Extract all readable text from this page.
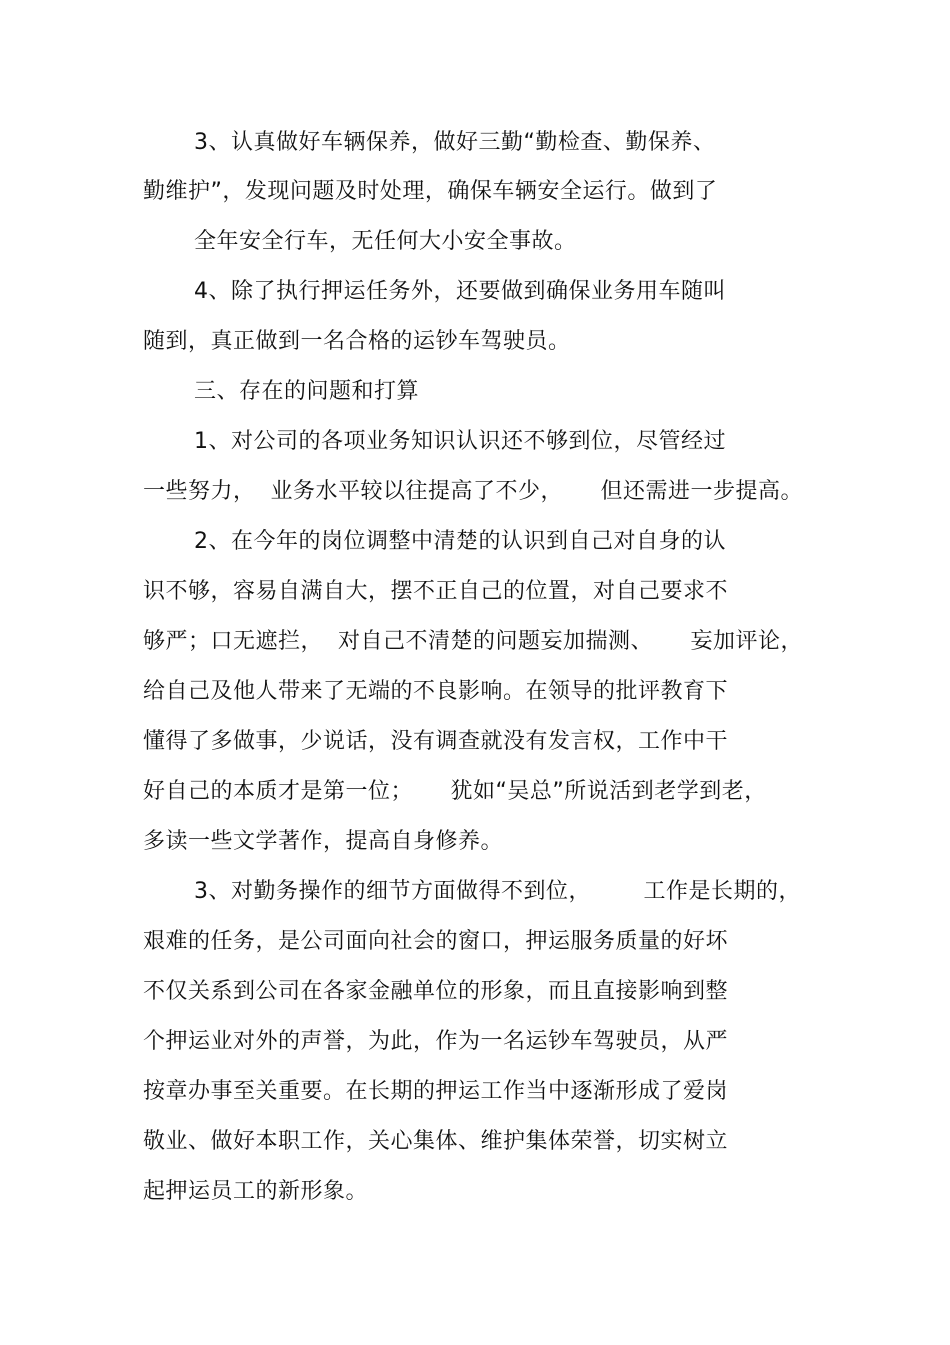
3、认真做好车辆保养，做好三勤“勤检查、勤保养、
勤维护”，发现问题及时处理，确保车辆安全运行。做到了
全年安全行车，无任何大小安全事故。
4、除了执行押运任务外，还要做到确保业务用车随叫
随到，真正做到一名合格的运钞车驾驶员。
三、存在的问题和打算
1、对公司的各项业务知识认识还不够到位，尽管经过
一些努力，  业务水平较以往提高了不少，     但还需进一步提高。
2、在今年的岗位调整中清楚的认识到自己对自身的认
识不够，容易自满自大，摆不正自己的位置，对自己要求不
够严；口无遮拦，  对自己不清楚的问题妄加揣测、     妄加评论，
给自己及他人带来了无端的不良影响。在领导的批评教育下
懂得了多做事，少说话，没有调查就没有发言权，工作中干
好自己的本质才是第一位；     犹如“吴总”所说活到老学到老，
多读一些文学著作，提高自身修养。
3、对勤务操作的细节方面做得不到位，       工作是长期的，
艰难的任务，是公司面向社会的窗口，押运服务质量的好坏
不仅关系到公司在各家金融单位的形象，而且直接影响到整
个押运业对外的声誉，为此，作为一名运钞车驾驶员，从严
按章办事至关重要。在长期的押运工作当中逐渐形成了爱岗
敬业、做好本职工作，关心集体、维护集体荣誉，切实树立
起押运员工的新形象。
